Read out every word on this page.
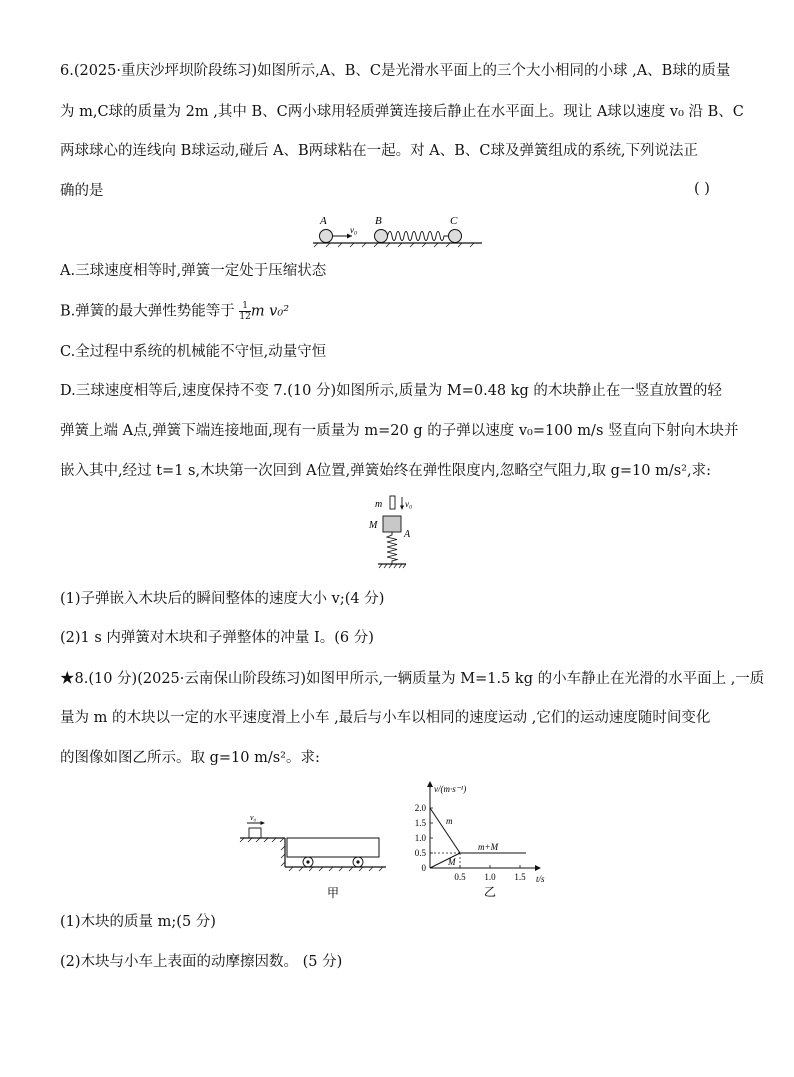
6.(2025·重庆沙坪坝阶段练习)如图所示,A、B、C是光滑水平面上的三个大小相同的小球 ,A、B球的质量
为 m,C球的质量为 2m ,其中 B、C两小球用轻质弹簧连接后静止在水平面上。现让 A球以速度 v₀ 沿 B、C
两球球心的连线向 B球运动,碰后 A、B两球粘在一起。对 A、B、C球及弹簧组成的系统,下列说法正
确的是	( )
A	B	C
v₀
A.三球速度相等时,弹簧一定处于压缩状态
B.弹簧的最大弹性势能等于 $\frac{1}{12}$ m v₀²
C.全过程中系统的机械能不守恒,动量守恒
D.三球速度相等后,速度保持不变 7.(10 分)如图所示,质量为 M=0.48 kg 的木块静止在一竖直放置的轻
弹簧上端 A点,弹簧下端连接地面,现有一质量为 m=20 g 的子弹以速度 v₀=100 m/s 竖直向下射向木块并
嵌入其中,经过 t=1 s,木块第一次回到 A位置,弹簧始终在弹性限度内,忽略空气阻力,取 g=10 m/s²,求:
m	v₀
M
A
(1)子弹嵌入木块后的瞬间整体的速度大小 v;(4 分)
(2)1 s 内弹簧对木块和子弹整体的冲量 I。(6 分)
★8.(10 分)(2025·云南保山阶段练习)如图甲所示,一辆质量为 M=1.5 kg 的小车静止在光滑的水平面上 ,一质
量为 m 的木块以一定的水平速度滑上小车 ,最后与小车以相同的速度运动 ,它们的运动速度随时间变化
的图像如图乙所示。取 g=10 m/s²。求:
v₀
甲
v/(m·s⁻¹)
t/s
2.0
1.5
1.0
0.5
0
0.5 1.0 1.5
m
M
m+M
乙
(1)木块的质量 m;(5 分)
(2)木块与小车上表面的动摩擦因数。 (5 分)
